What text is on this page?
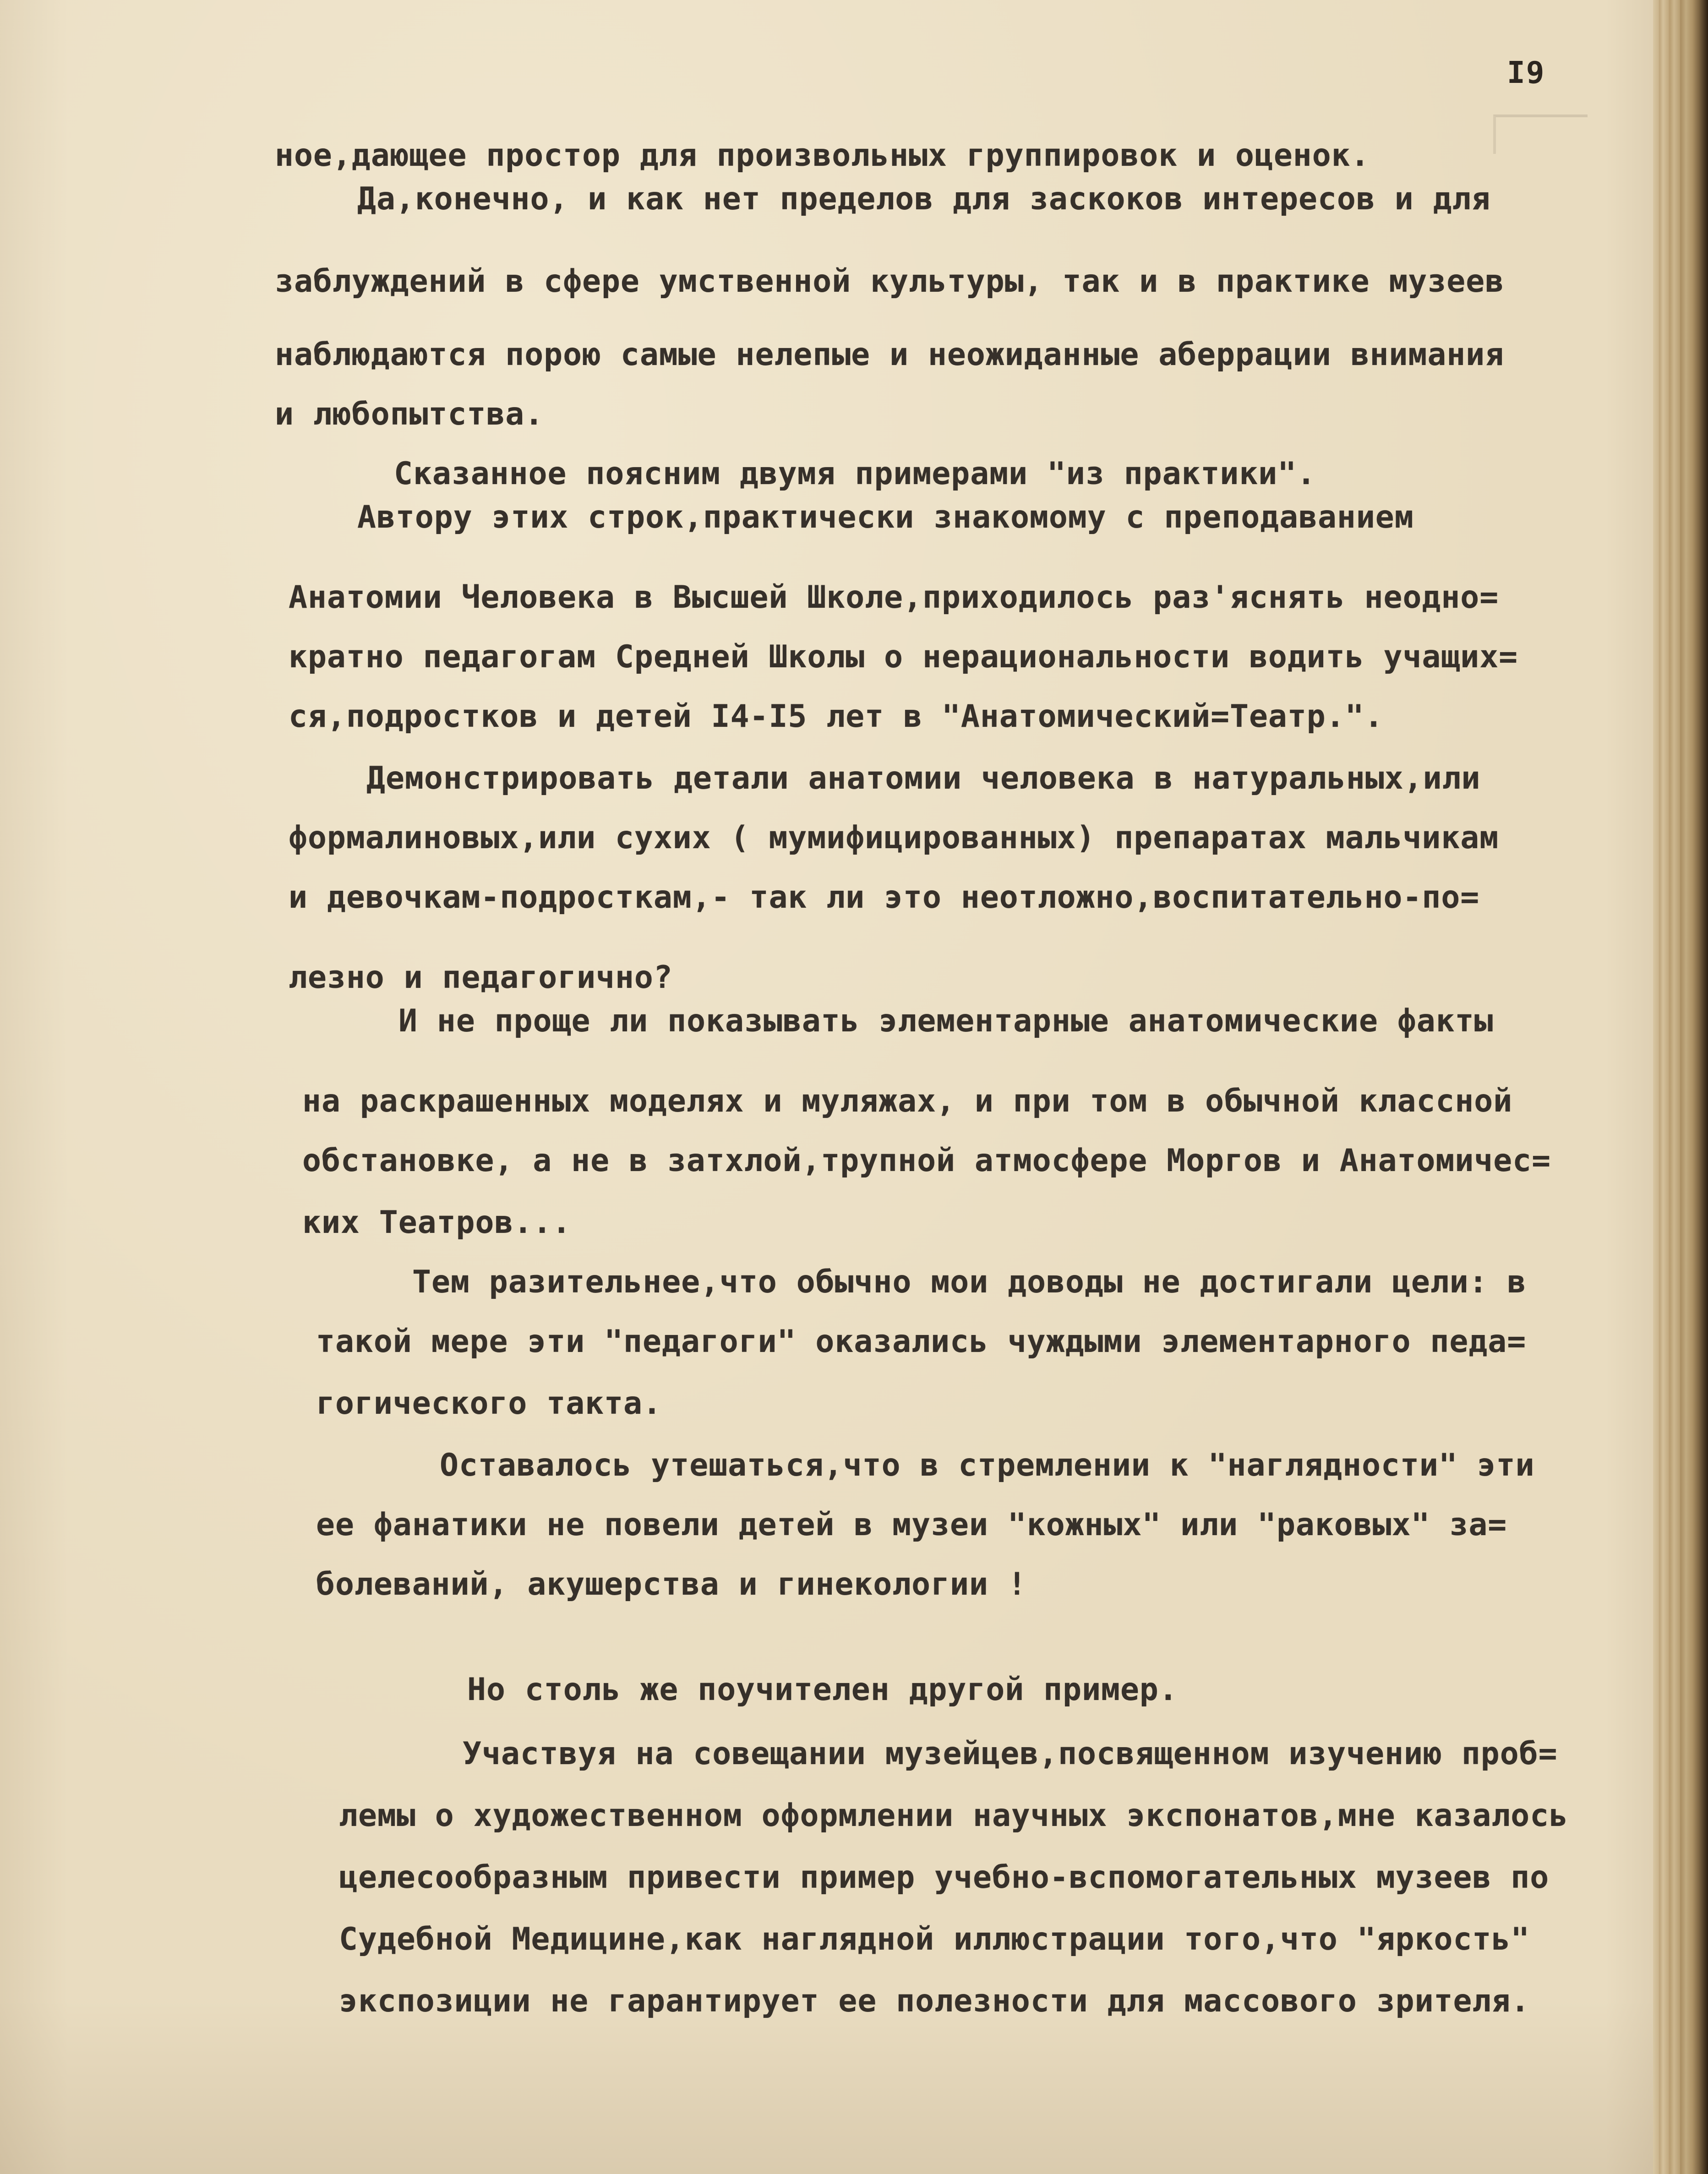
I9
ное,дающее простор для произвольных группировок и оценок.
Да,конечно, и как нет пределов для заскоков интересов и для
заблуждений в сфере умственной культуры, так и в практике музеев
наблюдаются порою самые нелепые и неожиданные аберрации внимания
и любопытства.
Сказанное поясним двумя примерами "из практики".
Автору этих строк,практически знакомому с преподаванием
Анатомии Человека в Высшей Школе,приходилось раз'яснять неодно=
кратно педагогам Средней Школы о нерациональности водить учащих=
ся,подростков и детей I4-I5 лет в "Анатомический=Театр.".
Демонстрировать детали анатомии человека в натуральных,или
формалиновых,или сухих ( мумифицированных) препаратах мальчикам
и девочкам-подросткам,- так ли это неотложно,воспитательно-по=
лезно и педагогично?
И не проще ли показывать элементарные анатомические факты
на раскрашенных моделях и муляжах, и при том в обычной классной
обстановке, а не в затхлой,трупной атмосфере Моргов и Анатомичес=
ких Театров...
Тем разительнее,что обычно мои доводы не достигали цели: в
такой мере эти "педагоги" оказались чуждыми элементарного педа=
гогического такта.
Оставалось утешаться,что в стремлении к "наглядности" эти
ее фанатики не повели детей в музеи "кожных" или "раковых" за=
болеваний, акушерства и гинекологии !
Но столь же поучителен другой пример.
Участвуя на совещании музейцев,посвященном изучению проб=
лемы о художественном оформлении научных экспонатов,мне казалось
целесообразным привести пример учебно-вспомогательных музеев по
Судебной Медицине,как наглядной иллюстрации того,что "яркость"
экспозиции не гарантирует ее полезности для массового зрителя.
